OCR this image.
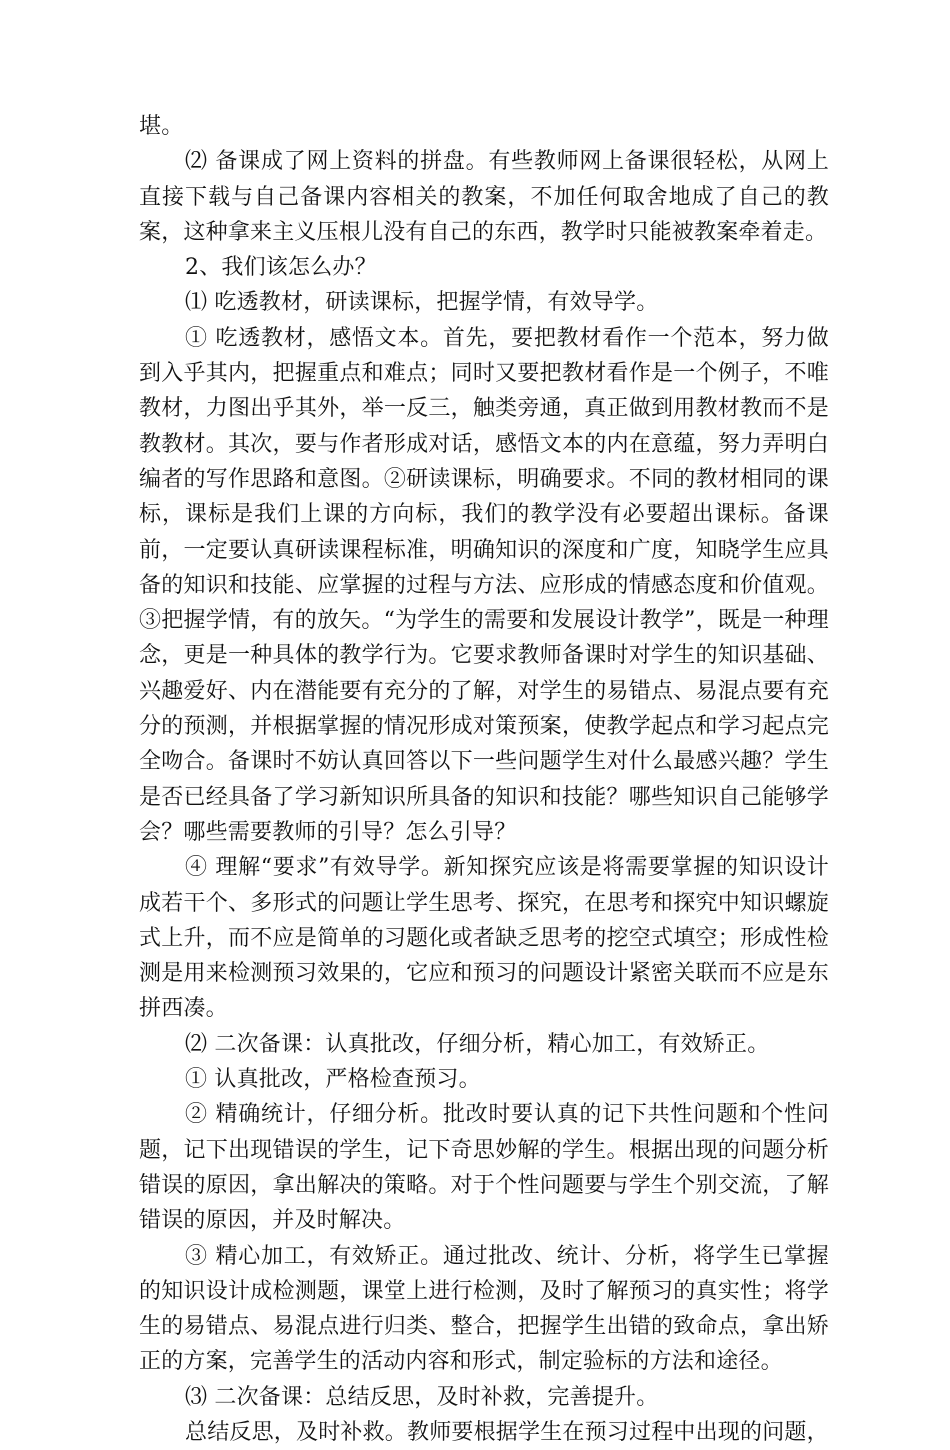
堪。

⑵ 备课成了网上资料的拼盘。有些教师网上备课很轻松，从网上直接下载与自己备课内容相关的教案，不加任何取舍地成了自己的教案，这种拿来主义压根儿没有自己的东西，教学时只能被教案牵着走。

2、我们该怎么办？

⑴ 吃透教材，研读课标，把握学情，有效导学。

① 吃透教材，感悟文本。首先，要把教材看作一个范本，努力做到入乎其内，把握重点和难点；同时又要把教材看作是一个例子，不唯教材，力图出乎其外，举一反三，触类旁通，真正做到用教材教而不是教教材。其次，要与作者形成对话，感悟文本的内在意蕴，努力弄明白编者的写作思路和意图。②研读课标，明确要求。不同的教材相同的课标，课标是我们上课的方向标，我们的教学没有必要超出课标。备课前，一定要认真研读课程标准，明确知识的深度和广度，知晓学生应具备的知识和技能、应掌握的过程与方法、应形成的情感态度和价值观。③把握学情，有的放矢。“为学生的需要和发展设计教学”，既是一种理念，更是一种具体的教学行为。它要求教师备课时对学生的知识基础、兴趣爱好、内在潜能要有充分的了解，对学生的易错点、易混点要有充分的预测，并根据掌握的情况形成对策预案，使教学起点和学习起点完全吻合。备课时不妨认真回答以下一些问题学生对什么最感兴趣？学生是否已经具备了学习新知识所具备的知识和技能？哪些知识自己能够学会？哪些需要教师的引导？怎么引导？

④ 理解“要求”有效导学。新知探究应该是将需要掌握的知识设计成若干个、多形式的问题让学生思考、探究，在思考和探究中知识螺旋式上升，而不应是简单的习题化或者缺乏思考的挖空式填空；形成性检测是用来检测预习效果的，它应和预习的问题设计紧密关联而不应是东拼西凑。

⑵ 二次备课：认真批改，仔细分析，精心加工，有效矫正。

① 认真批改，严格检查预习。

② 精确统计，仔细分析。批改时要认真的记下共性问题和个性问题，记下出现错误的学生，记下奇思妙解的学生。根据出现的问题分析错误的原因，拿出解决的策略。对于个性问题要与学生个别交流，了解错误的原因，并及时解决。

③ 精心加工，有效矫正。通过批改、统计、分析，将学生已掌握的知识设计成检测题，课堂上进行检测，及时了解预习的真实性；将学生的易错点、易混点进行归类、整合，把握学生出错的致命点，拿出矫正的方案，完善学生的活动内容和形式，制定验标的方法和途径。

⑶ 二次备课：总结反思，及时补救，完善提升。

总结反思，及时补救。教师要根据学生在预习过程中出现的问题，
